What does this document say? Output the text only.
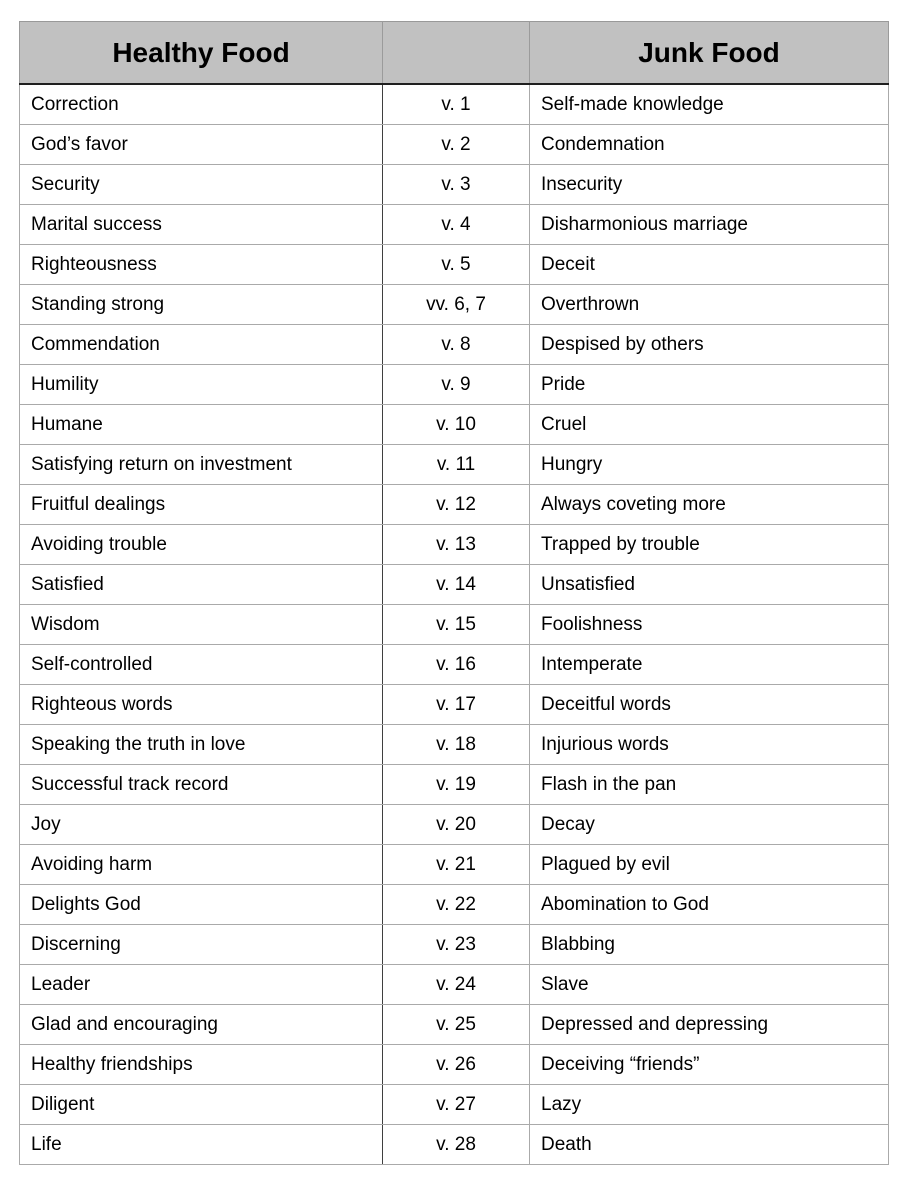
Healthy Food		Junk Food
Correction	v. 1	Self-made knowledge
God’s favor	v. 2	Condemnation
Security	v. 3	Insecurity
Marital success	v. 4	Disharmonious marriage
Righteousness	v. 5	Deceit
Standing strong	vv. 6, 7	Overthrown
Commendation	v. 8	Despised by others
Humility	v. 9	Pride
Humane	v. 10	Cruel
Satisfying return on investment	v. 11	Hungry
Fruitful dealings	v. 12	Always coveting more
Avoiding trouble	v. 13	Trapped by trouble
Satisfied	v. 14	Unsatisfied
Wisdom	v. 15	Foolishness
Self-controlled	v. 16	Intemperate
Righteous words	v. 17	Deceitful words
Speaking the truth in love	v. 18	Injurious words
Successful track record	v. 19	Flash in the pan
Joy	v. 20	Decay
Avoiding harm	v. 21	Plagued by evil
Delights God	v. 22	Abomination to God
Discerning	v. 23	Blabbing
Leader	v. 24	Slave
Glad and encouraging	v. 25	Depressed and depressing
Healthy friendships	v. 26	Deceiving “friends”
Diligent	v. 27	Lazy
Life	v. 28	Death
